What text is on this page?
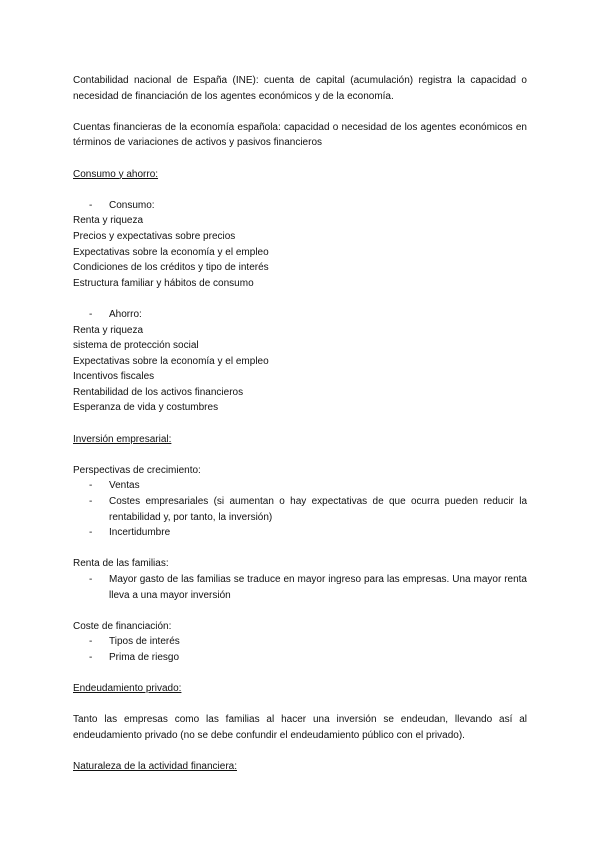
Contabilidad nacional de España (INE): cuenta de capital (acumulación) registra la capacidad o necesidad de financiación de los agentes económicos y de la economía.

Cuentas financieras de la economía española: capacidad o necesidad de los agentes económicos en términos de variaciones de activos y pasivos financieros

Consumo y ahorro:

- Consumo:

Renta y riqueza

Precios y expectativas sobre precios

Expectativas sobre la economía y el empleo

Condiciones de los créditos y tipo de interés

Estructura familiar y hábitos de consumo

- Ahorro:

Renta y riqueza

sistema de protección social

Expectativas sobre la economía y el empleo

Incentivos fiscales

Rentabilidad de los activos financieros

Esperanza de vida y costumbres

Inversión empresarial:

Perspectivas de crecimiento:

- Ventas
- Costes empresariales (si aumentan o hay expectativas de que ocurra pueden reducir la rentabilidad y, por tanto, la inversión)
- Incertidumbre

Renta de las familias:

- Mayor gasto de las familias se traduce en mayor ingreso para las empresas. Una mayor renta lleva a una mayor inversión

Coste de financiación:

- Tipos de interés
- Prima de riesgo

Endeudamiento privado:

Tanto las empresas como las familias al hacer una inversión se endeudan, llevando así al endeudamiento privado (no se debe confundir el endeudamiento público con el privado).

Naturaleza de la actividad financiera:
